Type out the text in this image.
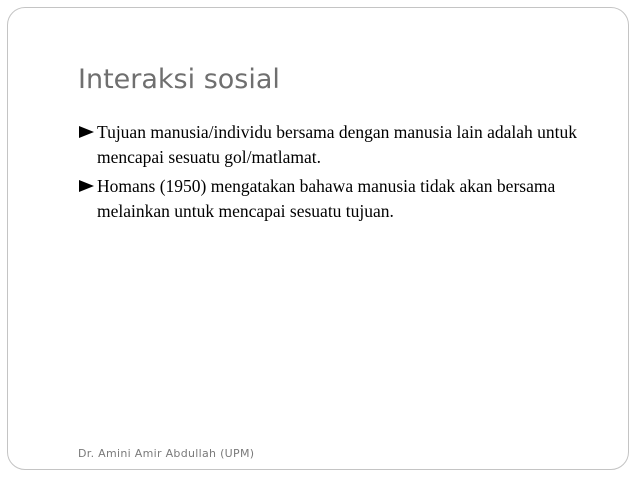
Interaksi sosial
Tujuan manusia/individu bersama dengan manusia lain adalah untuk mencapai sesuatu gol/matlamat.
Homans (1950) mengatakan bahawa manusia tidak akan bersama melainkan untuk mencapai sesuatu tujuan.
Dr. Amini Amir Abdullah (UPM)
